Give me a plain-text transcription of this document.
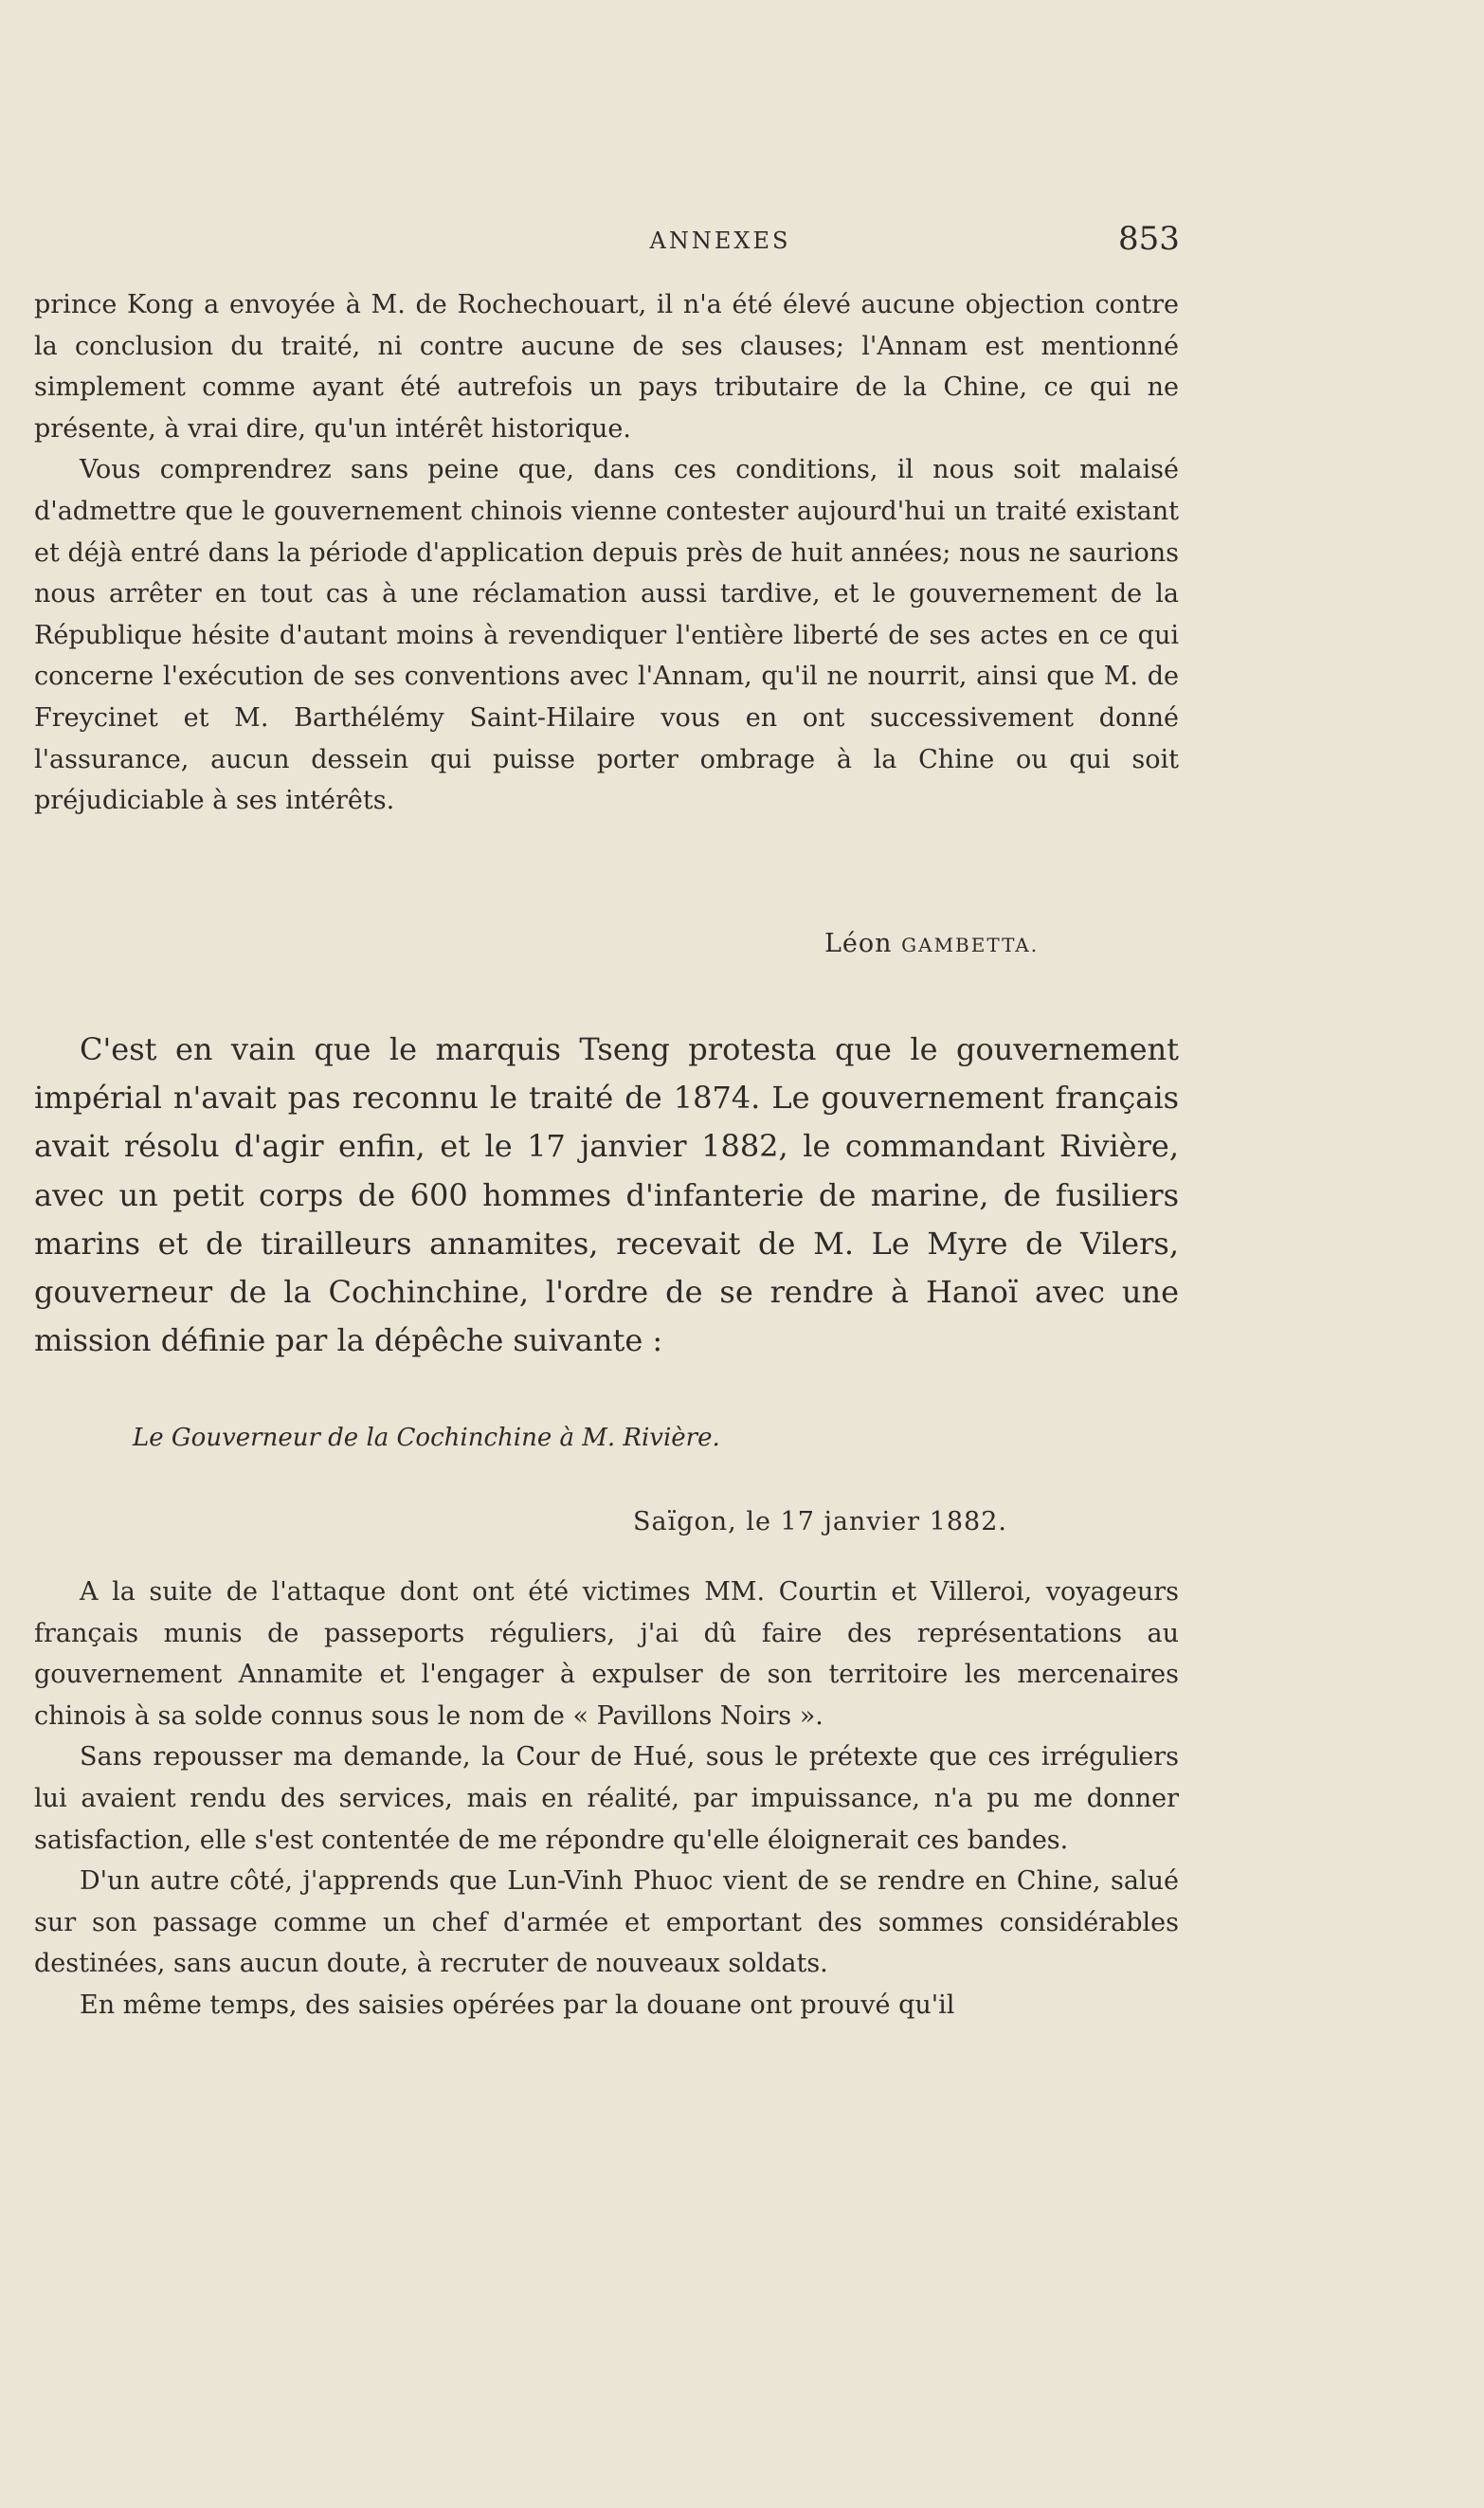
ANNEXES	853

prince Kong a envoyée à M. de Rochechouart, il n'a été élevé aucune objection contre la conclusion du traité, ni contre aucune de ses clauses; l'Annam est mentionné simplement comme ayant été autrefois un pays tributaire de la Chine, ce qui ne présente, à vrai dire, qu'un intérêt historique.

Vous comprendrez sans peine que, dans ces conditions, il nous soit malaisé d'admettre que le gouvernement chinois vienne contester aujourd'hui un traité existant et déjà entré dans la période d'application depuis près de huit années; nous ne saurions nous arrêter en tout cas à une réclamation aussi tardive, et le gouvernement de la République hésite d'autant moins à revendiquer l'entière liberté de ses actes en ce qui concerne l'exécution de ses conventions avec l'Annam, qu'il ne nourrit, ainsi que M. de Freycinet et M. Barthélémy Saint-Hilaire vous en ont successivement donné l'assurance, aucun dessein qui puisse porter ombrage à la Chine ou qui soit préjudiciable à ses intérêts.

Léon GAMBETTA.

C'est en vain que le marquis Tseng protesta que le gouvernement impérial n'avait pas reconnu le traité de 1874. Le gouvernement français avait résolu d'agir enfin, et le 17 janvier 1882, le commandant Rivière, avec un petit corps de 600 hommes d'infanterie de marine, de fusiliers marins et de tirailleurs annamites, recevait de M. Le Myre de Vilers, gouverneur de la Cochinchine, l'ordre de se rendre à Hanoï avec une mission définie par la dépêche suivante :

Le Gouverneur de la Cochinchine à M. Rivière.
Saïgon, le 17 janvier 1882.

A la suite de l'attaque dont ont été victimes MM. Courtin et Villeroi, voyageurs français munis de passeports réguliers, j'ai dû faire des représentations au gouvernement Annamite et l'engager à expulser de son territoire les mercenaires chinois à sa solde connus sous le nom de « Pavillons Noirs ».

Sans repousser ma demande, la Cour de Hué, sous le prétexte que ces irréguliers lui avaient rendu des services, mais en réalité, par impuissance, n'a pu me donner satisfaction, elle s'est contentée de me répondre qu'elle éloignerait ces bandes.

D'un autre côté, j'apprends que Lun-Vinh Phuoc vient de se rendre en Chine, salué sur son passage comme un chef d'armée et emportant des sommes considérables destinées, sans aucun doute, à recruter de nouveaux soldats.

En même temps, des saisies opérées par la douane ont prouvé qu'il
